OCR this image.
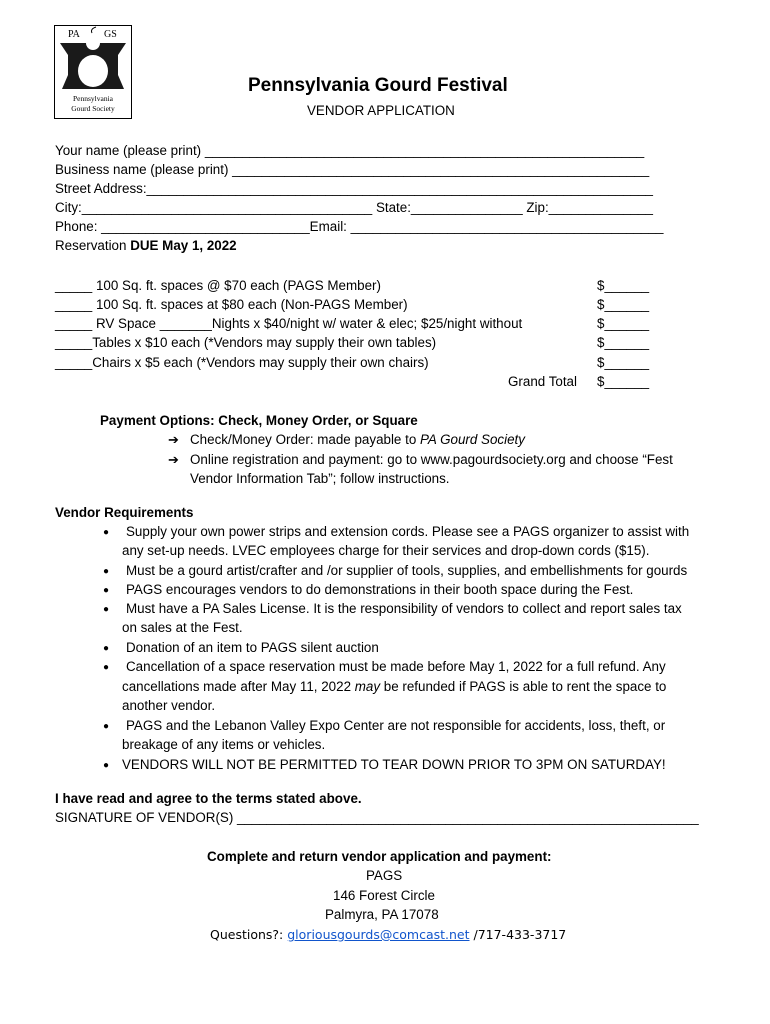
PA GS
Pennsylvania
Gourd Society
Pennsylvania Gourd Festival
VENDOR APPLICATION
Your name (please print) ___________________________________________________________
Business name (please print) ________________________________________________________
Street Address:____________________________________________________________________
City:_______________________________________ State:_______________ Zip:______________
Phone: ____________________________Email: __________________________________________
Reservation DUE May 1, 2022
_____ 100 Sq. ft. spaces @ $70 each (PAGS Member)	$______
_____ 100 Sq. ft. spaces at $80 each (Non-PAGS Member)	$______
_____ RV Space _______Nights x $40/night w/ water & elec; $25/night without	$______
_____Tables x $10 each (*Vendors may supply their own tables)	$______
_____Chairs x $5 each (*Vendors may supply their own chairs)	$______
Grand Total $______
Payment Options: Check, Money Order, or Square
➔ Check/Money Order: made payable to PA Gourd Society
➔ Online registration and payment: go to www.pagourdsociety.org and choose “Fest
Vendor Information Tab”; follow instructions.
Vendor Requirements
● Supply your own power strips and extension cords. Please see a PAGS organizer to assist with
any set-up needs. LVEC employees charge for their services and drop-down cords ($15).
● Must be a gourd artist/crafter and /or supplier of tools, supplies, and embellishments for gourds
● PAGS encourages vendors to do demonstrations in their booth space during the Fest.
● Must have a PA Sales License. It is the responsibility of vendors to collect and report sales tax
on sales at the Fest.
● Donation of an item to PAGS silent auction
● Cancellation of a space reservation must be made before May 1, 2022 for a full refund. Any
cancellations made after May 11, 2022 may be refunded if PAGS is able to rent the space to
another vendor.
● PAGS and the Lebanon Valley Expo Center are not responsible for accidents, loss, theft, or
breakage of any items or vehicles.
● VENDORS WILL NOT BE PERMITTED TO TEAR DOWN PRIOR TO 3PM ON SATURDAY!
I have read and agree to the terms stated above.
SIGNATURE OF VENDOR(S) ______________________________________________________________
Complete and return vendor application and payment:
PAGS
146 Forest Circle
Palmyra, PA 17078
Questions?: gloriousgourds@comcast.net /717-433-3717
